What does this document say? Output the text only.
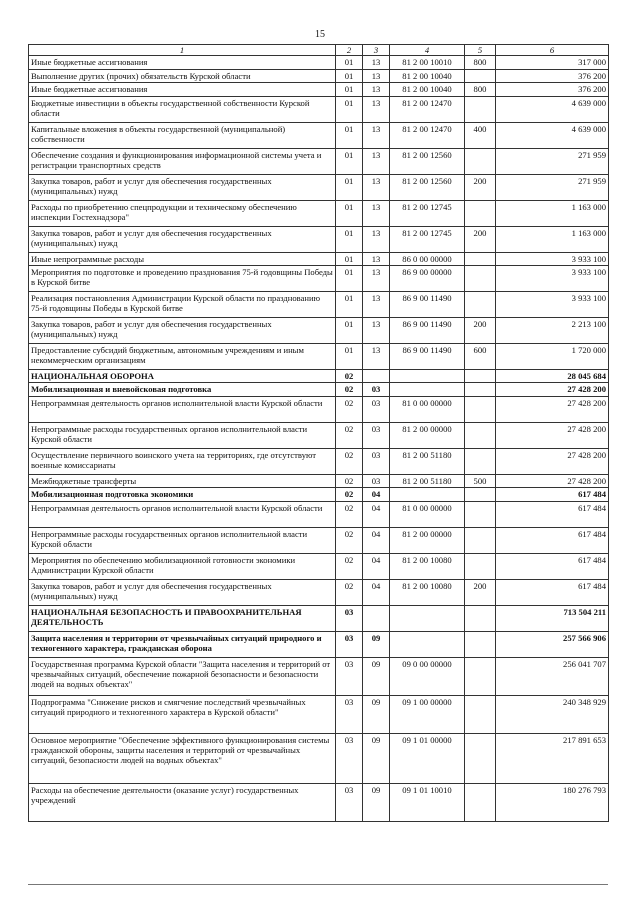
15
1	2	3	4	5	6
Иные бюджетные ассигнования	01	13	81 2 00 10010	800	317 000
Выполнение других (прочих) обязательств Курской области	01	13	81 2 00 10040		376 200
Иные бюджетные ассигнования	01	13	81 2 00 10040	800	376 200
Бюджетные инвестиции в объекты государственной собственности Курской области	01	13	81 2 00 12470		4 639 000
Капитальные вложения в объекты государственной (муниципальной) собственности	01	13	81 2 00 12470	400	4 639 000
Обеспечение создания и функционирования информационной системы учета и регистрации транспортных средств	01	13	81 2 00 12560		271 959
Закупка товаров, работ и услуг для обеспечения государственных (муниципальных) нужд	01	13	81 2 00 12560	200	271 959
Расходы по приобретению спецпродукции и техническому обеспечению инспекции Гостехнадзора"	01	13	81 2 00 12745		1 163 000
Закупка товаров, работ и услуг для обеспечения государственных (муниципальных) нужд	01	13	81 2 00 12745	200	1 163 000
Иные непрограммные расходы	01	13	86 0 00 00000		3 933 100
Мероприятия по подготовке и проведению празднования 75-й годовщины Победы в Курской битве	01	13	86 9 00 00000		3 933 100
Реализация постановления Администрации Курской области по празднованию 75-й годовщины Победы в Курской битве	01	13	86 9 00 11490		3 933 100
Закупка товаров, работ и услуг для обеспечения государственных (муниципальных) нужд	01	13	86 9 00 11490	200	2 213 100
Предоставление субсидий бюджетным, автономным учреждениям и иным некоммерческим организациям	01	13	86 9 00 11490	600	1 720 000
НАЦИОНАЛЬНАЯ ОБОРОНА	02				28 045 684
Мобилизационная и вневойсковая подготовка	02	03			27 428 200
Непрограммная деятельность органов исполнительной власти Курской области	02	03	81 0 00 00000		27 428 200
Непрограммные расходы государственных органов исполнительной власти Курской области	02	03	81 2 00 00000		27 428 200
Осуществление первичного воинского учета на территориях, где отсутствуют военные комиссариаты	02	03	81 2 00 51180		27 428 200
Межбюджетные трансферты	02	03	81 2 00 51180	500	27 428 200
Мобилизационная подготовка экономики	02	04			617 484
Непрограммная деятельность органов исполнительной власти Курской области	02	04	81 0 00 00000		617 484
Непрограммные расходы государственных органов исполнительной власти Курской области	02	04	81 2 00 00000		617 484
Мероприятия по обеспечению мобилизационной готовности экономики Администрации Курской области	02	04	81 2 00 10080		617 484
Закупка товаров, работ и услуг для обеспечения государственных (муниципальных) нужд	02	04	81 2 00 10080	200	617 484
НАЦИОНАЛЬНАЯ БЕЗОПАСНОСТЬ И ПРАВООХРАНИТЕЛЬНАЯ ДЕЯТЕЛЬНОСТЬ	03				713 504 211
Защита населения и территории от чрезвычайных ситуаций природного и техногенного характера, гражданская оборона	03	09			257 566 906
Государственная программа Курской области "Защита населения и территорий от чрезвычайных ситуаций, обеспечение пожарной безопасности и безопасности людей на водных объектах"	03	09	09 0 00 00000		256 041 707
Подпрограмма "Снижение рисков и смягчение последствий чрезвычайных ситуаций природного и техногенного характера в Курской области"	03	09	09 1 00 00000		240 348 929
Основное мероприятие "Обеспечение эффективного функционирования системы гражданской обороны, защиты населения и территорий от чрезвычайных ситуаций, безопасности людей на водных объектах"	03	09	09 1 01 00000		217 891 653
Расходы на обеспечение деятельности (оказание услуг) государственных учреждений	03	09	09 1 01 10010		180 276 793
